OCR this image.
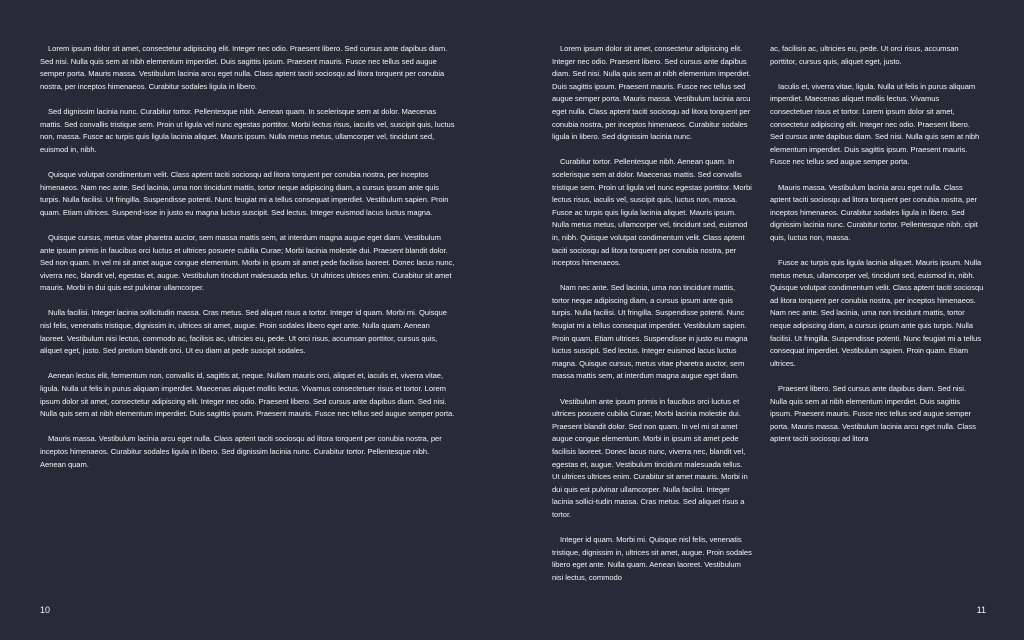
Lorem ipsum dolor sit amet, consectetur adipiscing elit. Integer nec odio. Praesent libero. Sed cursus ante dapibus diam. Sed nisi. Nulla quis sem at nibh elementum imperdiet. Duis sagittis ipsum. Praesent mauris. Fusce nec tellus sed augue semper porta. Mauris massa. Vestibulum lacinia arcu eget nulla. Class aptent taciti sociosqu ad litora torquent per conubia nostra, per inceptos himenaeos. Curabitur sodales ligula in libero.

Sed dignissim lacinia nunc. Curabitur tortor. Pellentesque nibh. Aenean quam. In scelerisque sem at dolor. Maecenas mattis. Sed convallis tristique sem. Proin ut ligula vel nunc egestas porttitor. Morbi lectus risus, iaculis vel, suscipit quis, luctus non, massa. Fusce ac turpis quis ligula lacinia aliquet. Mauris ipsum. Nulla metus metus, ullamcorper vel, tincidunt sed, euismod in, nibh.

Quisque volutpat condimentum velit. Class aptent taciti sociosqu ad litora torquent per conubia nostra, per inceptos himenaeos. Nam nec ante. Sed lacinia, urna non tincidunt mattis, tortor neque adipiscing diam, a cursus ipsum ante quis turpis. Nulla facilisi. Ut fringilla. Suspendisse potenti. Nunc feugiat mi a tellus consequat imperdiet. Vestibulum sapien. Proin quam. Etiam ultrices. Suspend-isse in justo eu magna luctus suscipit. Sed lectus. Integer euismod lacus luctus magna.

Quisque cursus, metus vitae pharetra auctor, sem massa mattis sem, at interdum magna augue eget diam. Vestibulum ante ipsum primis in faucibus orci luctus et ultrices posuere cubilia Curae; Morbi lacinia molestie dui. Praesent blandit dolor. Sed non quam. In vel mi sit amet augue congue elementum. Morbi in ipsum sit amet pede facilisis laoreet. Donec lacus nunc, viverra nec, blandit vel, egestas et, augue. Vestibulum tincidunt malesuada tellus. Ut ultrices ultrices enim. Curabitur sit amet mauris. Morbi in dui quis est pulvinar ullamcorper.

Nulla facilisi. Integer lacinia sollicitudin massa. Cras metus. Sed aliquet risus a tortor. Integer id quam. Morbi mi. Quisque nisl felis, venenatis tristique, dignissim in, ultrices sit amet, augue. Proin sodales libero eget ante. Nulla quam. Aenean laoreet. Vestibulum nisi lectus, commodo ac, facilisis ac, ultricies eu, pede. Ut orci risus, accumsan porttitor, cursus quis, aliquet eget, justo. Sed pretium blandit orci. Ut eu diam at pede suscipit sodales.

Aenean lectus elit, fermentum non, convallis id, sagittis at, neque. Nullam mauris orci, aliquet et, iaculis et, viverra vitae, ligula. Nulla ut felis in purus aliquam imperdiet. Maecenas aliquet mollis lectus. Vivamus consectetuer risus et tortor. Lorem ipsum dolor sit amet, consectetur adipiscing elit. Integer nec odio. Praesent libero. Sed cursus ante dapibus diam. Sed nisi. Nulla quis sem at nibh elementum imperdiet. Duis sagittis ipsum. Praesent mauris. Fusce nec tellus sed augue semper porta.

Mauris massa. Vestibulum lacinia arcu eget nulla. Class aptent taciti sociosqu ad litora torquent per conubia nostra, per inceptos himenaeos. Curabitur sodales ligula in libero. Sed dignissim lacinia nunc. Curabitur tortor. Pellentesque nibh. Aenean quam.

10

Lorem ipsum dolor sit amet, consectetur adipiscing elit. Integer nec odio. Praesent libero. Sed cursus ante dapibus diam. Sed nisi. Nulla quis sem at nibh elementum imperdiet. Duis sagittis ipsum. Praesent mauris. Fusce nec tellus sed augue semper porta. Mauris massa. Vestibulum lacinia arcu eget nulla. Class aptent taciti sociosqu ad litora torquent per conubia nostra, per inceptos himenaeos. Curabitur sodales ligula in libero. Sed dignissim lacinia nunc.

Curabitur tortor. Pellentesque nibh. Aenean quam. In scelerisque sem at dolor. Maecenas mattis. Sed convallis tristique sem. Proin ut ligula vel nunc egestas porttitor. Morbi lectus risus, iaculis vel, suscipit quis, luctus non, massa. Fusce ac turpis quis ligula lacinia aliquet. Mauris ipsum. Nulla metus metus, ullamcorper vel, tincidunt sed, euismod in, nibh. Quisque volutpat condimentum velit. Class aptent taciti sociosqu ad litora torquent per conubia nostra, per inceptos himenaeos.

Nam nec ante. Sed lacinia, urna non tincidunt mattis, tortor neque adipiscing diam, a cursus ipsum ante quis turpis. Nulla facilisi. Ut fringilla. Suspendisse potenti. Nunc feugiat mi a tellus consequat imperdiet. Vestibulum sapien. Proin quam. Etiam ultrices. Suspendisse in justo eu magna luctus suscipit. Sed lectus. Integer euismod lacus luctus magna. Quisque cursus, metus vitae pharetra auctor, sem massa mattis sem, at interdum magna augue eget diam.

Vestibulum ante ipsum primis in faucibus orci luctus et ultrices posuere cubilia Curae; Morbi lacinia molestie dui. Praesent blandit dolor. Sed non quam. In vel mi sit amet augue congue elementum. Morbi in ipsum sit amet pede facilisis laoreet. Donec lacus nunc, viverra nec, blandit vel, egestas et, augue. Vestibulum tincidunt malesuada tellus. Ut ultrices ultrices enim. Curabitur sit amet mauris. Morbi in dui quis est pulvinar ullamcorper. Nulla facilisi. Integer lacinia sollici-tudin massa. Cras metus. Sed aliquet risus a tortor.

Integer id quam. Morbi mi. Quisque nisl felis, venenatis tristique, dignissim in, ultrices sit amet, augue. Proin sodales libero eget ante. Nulla quam. Aenean laoreet. Vestibulum nisi lectus, commodo

ac, facilisis ac, ultricies eu, pede. Ut orci risus, accumsan porttitor, cursus quis, aliquet eget, justo.

Iaculis et, viverra vitae, ligula. Nulla ut felis in purus aliquam imperdiet. Maecenas aliquet mollis lectus. Vivamus consectetuer risus et tortor. Lorem ipsum dolor sit amet, consectetur adipiscing elit. Integer nec odio. Praesent libero. Sed cursus ante dapibus diam. Sed nisi. Nulla quis sem at nibh elementum imperdiet. Duis sagittis ipsum. Praesent mauris. Fusce nec tellus sed augue semper porta.

Mauris massa. Vestibulum lacinia arcu eget nulla. Class aptent taciti sociosqu ad litora torquent per conubia nostra, per inceptos himenaeos. Curabitur sodales ligula in libero. Sed dignissim lacinia nunc. Curabitur tortor. Pellentesque nibh. cipit quis, luctus non, massa.

Fusce ac turpis quis ligula lacinia aliquet. Mauris ipsum. Nulla metus metus, ullamcorper vel, tincidunt sed, euismod in, nibh. Quisque volutpat condimentum velit. Class aptent taciti sociosqu ad litora torquent per conubia nostra, per inceptos himenaeos. Nam nec ante. Sed lacinia, urna non tincidunt mattis, tortor neque adipiscing diam, a cursus ipsum ante quis turpis. Nulla facilisi. Ut fringilla. Suspendisse potenti. Nunc feugiat mi a tellus consequat imperdiet. Vestibulum sapien. Proin quam. Etiam ultrices.

Praesent libero. Sed cursus ante dapibus diam. Sed nisi. Nulla quis sem at nibh elementum imperdiet. Duis sagittis ipsum. Praesent mauris. Fusce nec tellus sed augue semper porta. Mauris massa. Vestibulum lacinia arcu eget nulla. Class aptent taciti sociosqu ad litora

11
